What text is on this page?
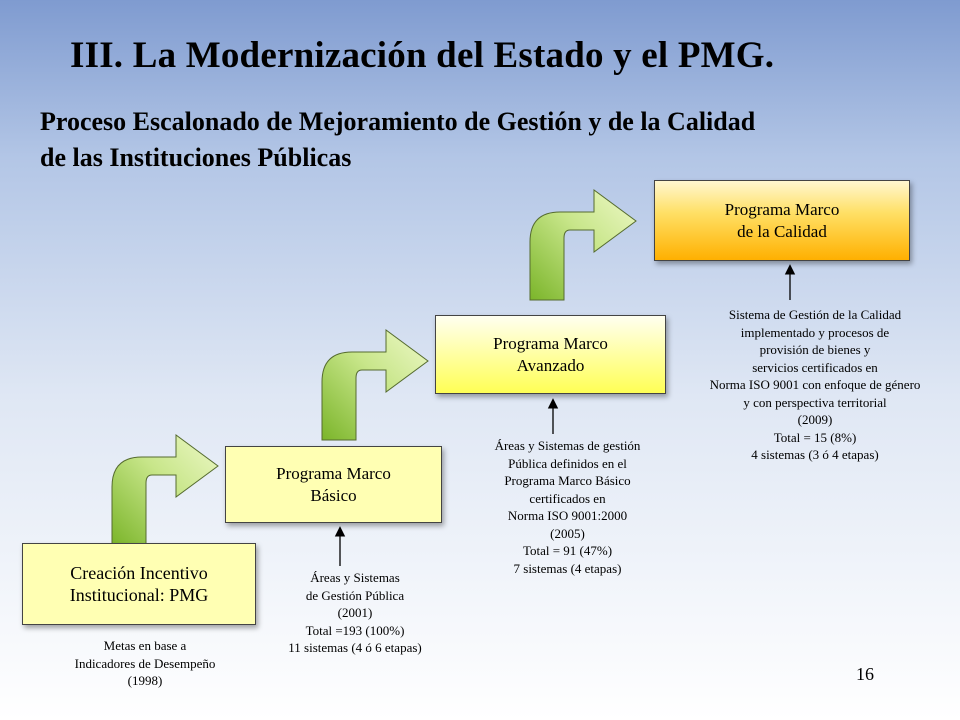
III. La Modernización del Estado y el PMG.
Proceso Escalonado de Mejoramiento de Gestión y de la Calidad
de las Instituciones Públicas
Creación Incentivo
Institucional: PMG
Programa Marco
Básico
Programa Marco
Avanzado
Programa Marco
de la Calidad
Metas en base a
Indicadores de Desempeño
(1998)
Áreas y Sistemas
de Gestión Pública
(2001)
Total =193 (100%)
11 sistemas (4 ó 6 etapas)
Áreas y Sistemas de gestión
Pública definidos en el
Programa Marco Básico
certificados en
Norma ISO 9001:2000
(2005)
Total = 91 (47%)
7 sistemas (4 etapas)
Sistema de Gestión de la Calidad
implementado y procesos de
provisión de bienes y
servicios certificados en
Norma ISO 9001 con enfoque de género
y con perspectiva territorial
(2009)
Total = 15 (8%)
4 sistemas (3 ó 4 etapas)
16
